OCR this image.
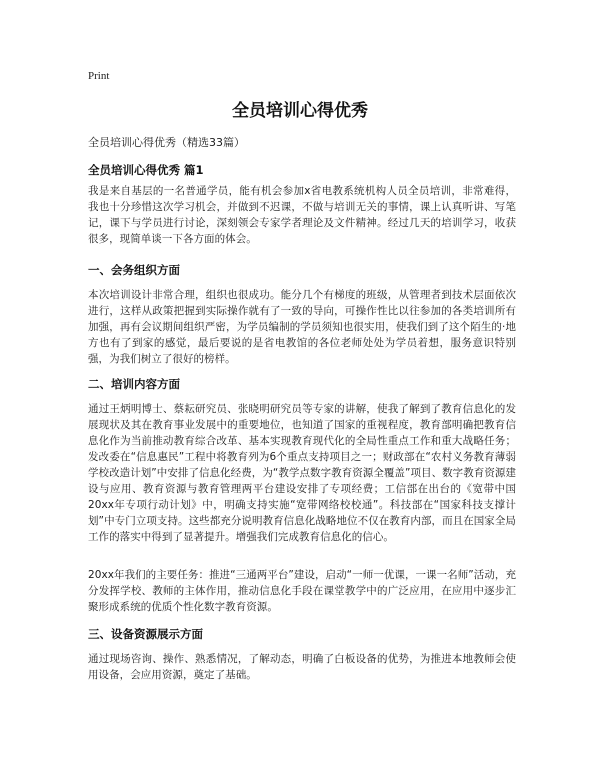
Print
全员培训心得优秀
全员培训心得优秀（精选33篇）
全员培训心得优秀 篇1
我是来自基层的一名普通学员，能有机会参加x省电教系统机构人员全员培训，非常难得，我也十分珍惜这次学习机会，并做到不迟课，不做与培训无关的事情，课上认真听讲、写笔记，课下与学员进行讨论，深刻领会专家学者理论及文件精神。经过几天的培训学习，收获很多，现简单谈一下各方面的体会。
一、会务组织方面
本次培训设计非常合理，组织也很成功。能分几个有梯度的班级，从管理者到技术层面依次进行，这样从政策把握到实际操作就有了一致的导向，可操作性比以往参加的各类培训所有加强，再有会议期间组织严密，为学员编制的学员须知也很实用，使我们到了这个陌生的·地方也有了到家的感觉，最后要说的是省电教馆的各位老师处处为学员着想，服务意识特别强，为我们树立了很好的榜样。
二、培训内容方面
通过王炳明博士、蔡耘研究员、张晓明研究员等专家的讲解，使我了解到了教育信息化的发展现状及其在教育事业发展中的重要地位，也知道了国家的重视程度，教育部明确把教育信息化作为当前推动教育综合改革、基本实现教育现代化的全局性重点工作和重大战略任务；发改委在“信息惠民”工程中将教育列为6个重点支持项目之一；财政部在“农村义务教育薄弱学校改造计划”中安排了信息化经费，为“教学点数字教育资源全覆盖”项目、数字教育资源建设与应用、教育资源与教育管理两平台建设安排了专项经费；工信部在出台的《宽带中国20xx年专项行动计划》中，明确支持实施“宽带网络校校通”。科技部在“国家科技支撑计划”中专门立项支持。这些都充分说明教育信息化战略地位不仅在教育内部，而且在国家全局工作的落实中得到了显著提升。增强我们完成教育信息化的信心。
20xx年我们的主要任务：推进“三通两平台”建设，启动“一师一优课，一课一名师”活动，充分发挥学校、教师的主体作用，推动信息化手段在课堂教学中的广泛应用，在应用中逐步汇聚形成系统的优质个性化数字教育资源。
三、设备资源展示方面
通过现场咨询、操作、熟悉情况，了解动态，明确了白板设备的优势，为推进本地教师会使用设备，会应用资源，奠定了基础。
